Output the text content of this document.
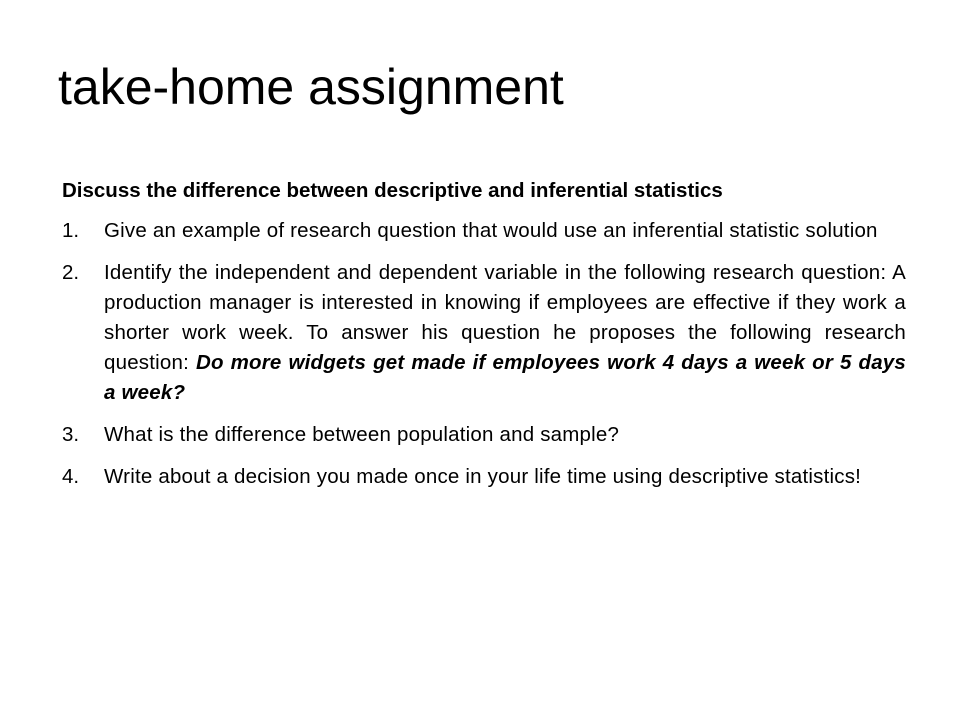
take-home assignment
Discuss the difference between descriptive and inferential statistics
1.	Give an example of research question that would use an inferential statistic solution
2.	Identify the independent and dependent variable in the following research question: A production manager is interested in knowing if employees are effective if they work a shorter work week. To answer his question he proposes the following research question: Do more widgets get made if employees work 4 days a week or 5 days a week?
3.	What is the difference between population and sample?
4.	Write about a decision you made once in your life time using descriptive statistics!
